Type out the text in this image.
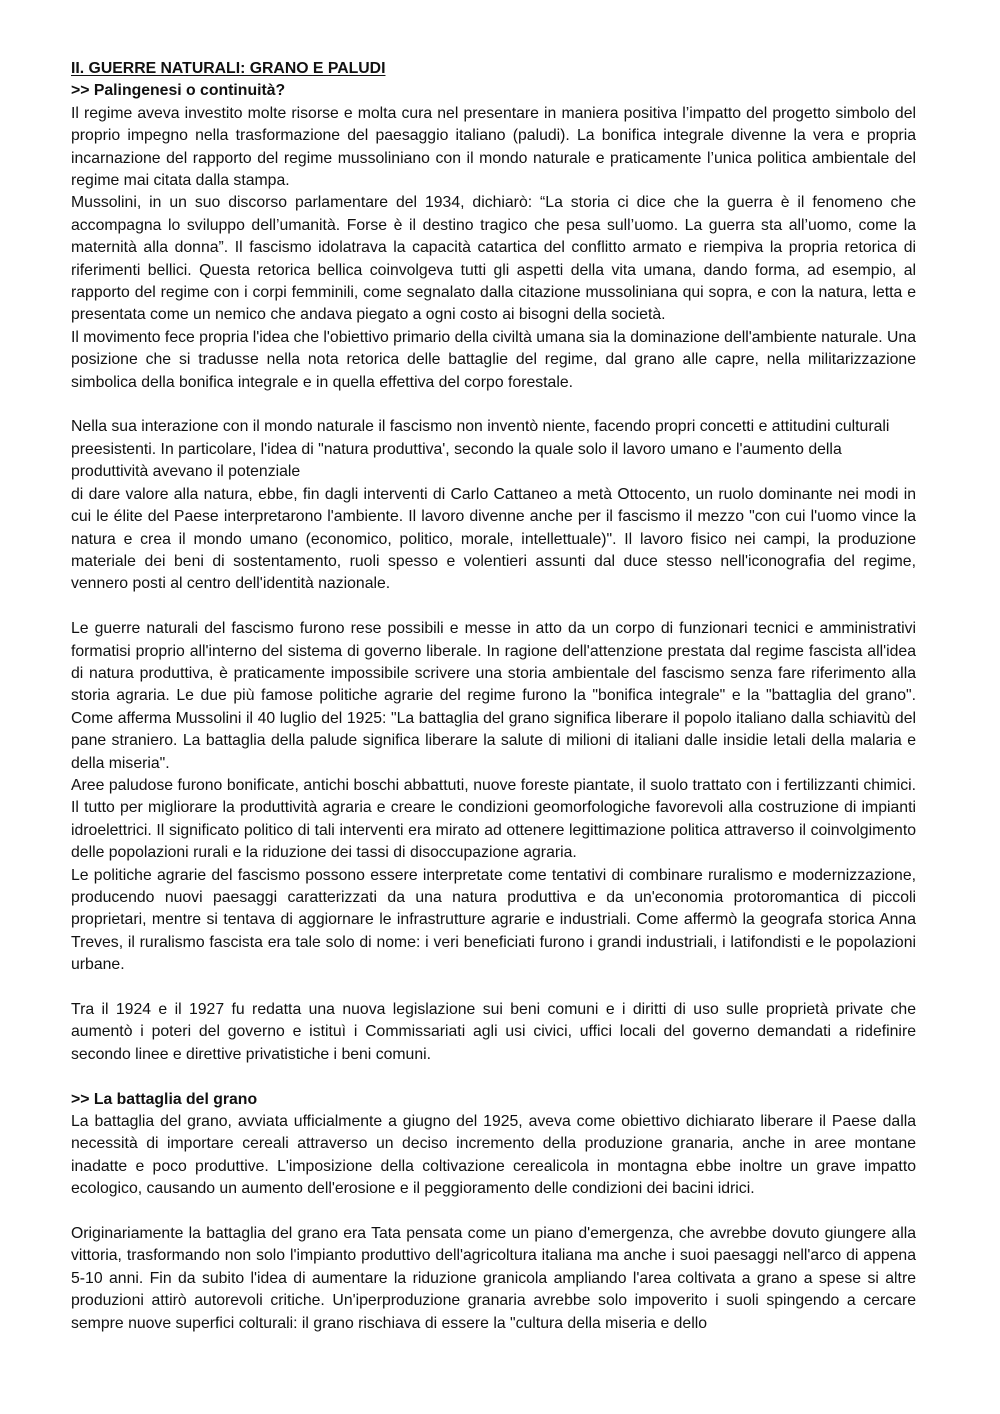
II. GUERRE NATURALI: GRANO E PALUDI

>> Palingenesi o continuità?

Il regime aveva investito molte risorse e molta cura nel presentare in maniera positiva l’impatto del progetto simbolo del proprio impegno nella trasformazione del paesaggio italiano (paludi). La bonifica integrale divenne la vera e propria incarnazione del rapporto del regime mussoliniano con il mondo naturale e praticamente l’unica politica ambientale del regime mai citata dalla stampa.

Mussolini, in un suo discorso parlamentare del 1934, dichiarò: “La storia ci dice che la guerra è il fenomeno che accompagna lo sviluppo dell’umanità. Forse è il destino tragico che pesa sull’uomo. La guerra sta all’uomo, come la maternità alla donna”. Il fascismo idolatrava la capacità catartica del conflitto armato e riempiva la propria retorica di riferimenti bellici. Questa retorica bellica coinvolgeva tutti gli aspetti della vita umana, dando forma, ad esempio, al rapporto del regime con i corpi femminili, come segnalato dalla citazione mussoliniana qui sopra, e con la natura, letta e presentata come un nemico che andava piegato a ogni costo ai bisogni della società.

Il movimento fece propria l'idea che l'obiettivo primario della civiltà umana sia la dominazione dell'ambiente naturale. Una posizione che si tradusse nella nota retorica delle battaglie del regime, dal grano alle capre, nella militarizzazione simbolica della bonifica integrale e in quella effettiva del corpo forestale.

Nella sua interazione con il mondo naturale il fascismo non inventò niente, facendo propri concetti e attitudini culturali preesistenti. In particolare, l'idea di "natura produttiva', secondo la quale solo il lavoro umano e l'aumento della produttività avevano il potenziale

di dare valore alla natura, ebbe, fin dagli interventi di Carlo Cattaneo a metà Ottocento, un ruolo dominante nei modi in cui le élite del Paese interpretarono l'ambiente. Il lavoro divenne anche per il fascismo il mezzo "con cui l'uomo vince la natura e crea il mondo umano (economico, politico, morale, intellettuale)". Il lavoro fisico nei campi, la produzione materiale dei beni di sostentamento, ruoli spesso e volentieri assunti dal duce stesso nell'iconografia del regime, vennero posti al centro dell'identità nazionale.

Le guerre naturali del fascismo furono rese possibili e messe in atto da un corpo di funzionari tecnici e amministrativi formatisi proprio all'interno del sistema di governo liberale. In ragione dell'attenzione prestata dal regime fascista all'idea di natura produttiva, è praticamente impossibile scrivere una storia ambientale del fascismo senza fare riferimento alla storia agraria. Le due più famose politiche agrarie del regime furono la "bonifica integrale" e la "battaglia del grano". Come afferma Mussolini il 40 luglio del 1925: "La battaglia del grano significa liberare il popolo italiano dalla schiavitù del pane straniero. La battaglia della palude significa liberare la salute di milioni di italiani dalle insidie letali della malaria e della miseria".

Aree paludose furono bonificate, antichi boschi abbattuti, nuove foreste piantate, il suolo trattato con i fertilizzanti chimici. Il tutto per migliorare la produttività agraria e creare le condizioni geomorfologiche favorevoli alla costruzione di impianti idroelettrici. Il significato politico di tali interventi era mirato ad ottenere legittimazione politica attraverso il coinvolgimento delle popolazioni rurali e la riduzione dei tassi di disoccupazione agraria.

Le politiche agrarie del fascismo possono essere interpretate come tentativi di combinare ruralismo e modernizzazione, producendo nuovi paesaggi caratterizzati da una natura produttiva e da un'economia protoromantica di piccoli proprietari, mentre si tentava di aggiornare le infrastrutture agrarie e industriali. Come affermò la geografa storica Anna Treves, il ruralismo fascista era tale solo di nome: i veri beneficiati furono i grandi industriali, i latifondisti e le popolazioni urbane.

Tra il 1924 e il 1927 fu redatta una nuova legislazione sui beni comuni e i diritti di uso sulle proprietà private che aumentò i poteri del governo e istituì i Commissariati agli usi civici, uffici locali del governo demandati a ridefinire secondo linee e direttive privatistiche i beni comuni.

>> La battaglia del grano

La battaglia del grano, avviata ufficialmente a giugno del 1925, aveva come obiettivo dichiarato liberare il Paese dalla necessità di importare cereali attraverso un deciso incremento della produzione granaria, anche in aree montane inadatte e poco produttive. L'imposizione della coltivazione cerealicola in montagna ebbe inoltre un grave impatto ecologico, causando un aumento dell'erosione e il peggioramento delle condizioni dei bacini idrici.

Originariamente la battaglia del grano era Tata pensata come un piano d'emergenza, che avrebbe dovuto giungere alla vittoria, trasformando non solo l'impianto produttivo dell'agricoltura italiana ma anche i suoi paesaggi nell'arco di appena 5-10 anni. Fin da subito l'idea di aumentare la riduzione granicola ampliando l'area coltivata a grano a spese si altre produzioni attirò autorevoli critiche. Un'iperproduzione granaria avrebbe solo impoverito i suoli spingendo a cercare sempre nuove superfici colturali: il grano rischiava di essere la "cultura della miseria e dello
